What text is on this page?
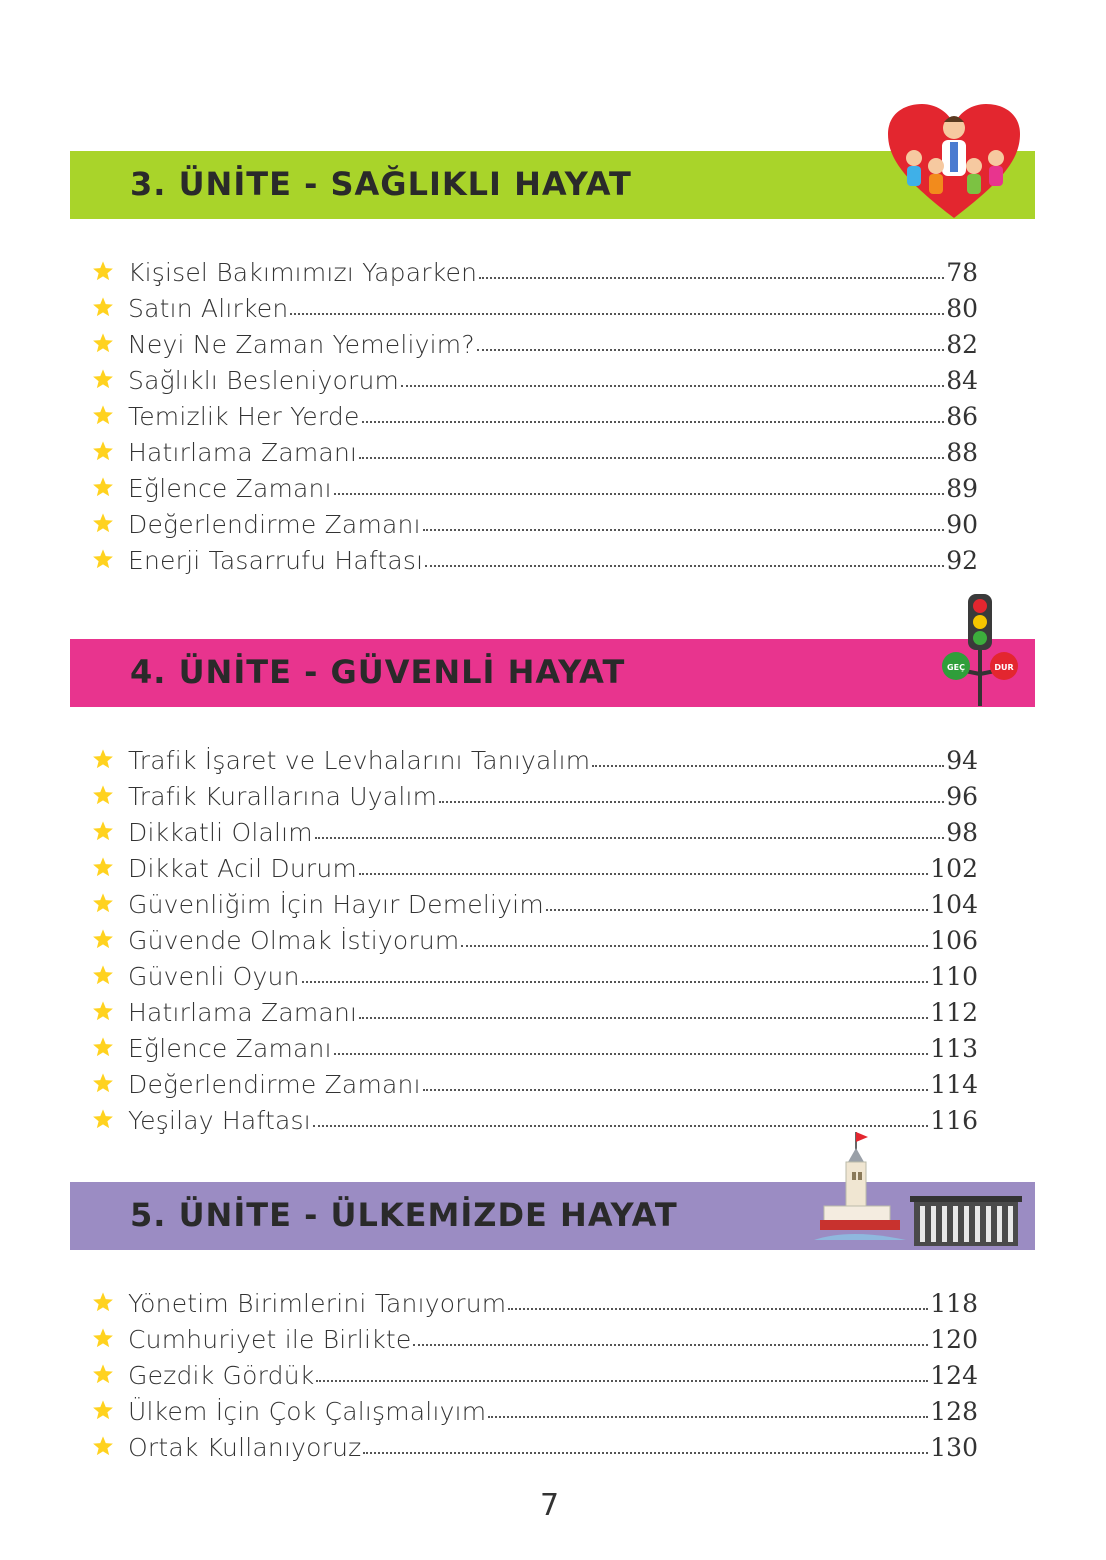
3. ÜNİTE - SAĞLIKLI HAYAT
Kişisel Bakımımızı Yaparken	78
Satın Alırken	80
Neyi Ne Zaman Yemeliyim?	82
Sağlıklı Besleniyorum	84
Temizlik Her Yerde	86
Hatırlama Zamanı	88
Eğlence Zamanı	89
Değerlendirme Zamanı	90
Enerji Tasarrufu Haftası	92
4. ÜNİTE - GÜVENLİ HAYAT	GEÇ	DUR
Trafik İşaret ve Levhalarını Tanıyalım	94
Trafik Kurallarına Uyalım	96
Dikkatli Olalım	98
Dikkat Acil Durum	102
Güvenliğim İçin Hayır Demeliyim	104
Güvende Olmak İstiyorum	106
Güvenli Oyun	110
Hatırlama Zamanı	112
Eğlence Zamanı	113
Değerlendirme Zamanı	114
Yeşilay Haftası	116
5. ÜNİTE - ÜLKEMİZDE HAYAT
Yönetim Birimlerini Tanıyorum	118
Cumhuriyet ile Birlikte	120
Gezdik Gördük	124
Ülkem İçin Çok Çalışmalıyım	128
Ortak Kullanıyoruz	130
7
